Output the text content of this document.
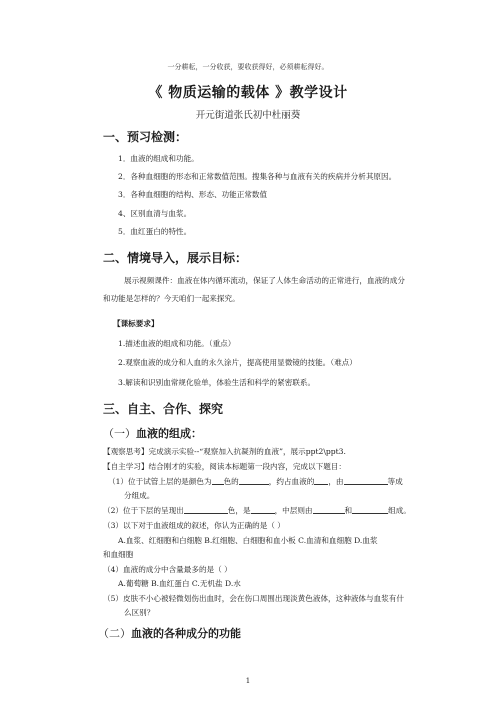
一分耕耘，一分收获，要收获得好，必须耕耘得好。
《 物质运输的载体 》教学设计
开元街道张氏初中杜丽葵
一、预习检测：
1．血液的组成和功能。
2．各种血细胞的形态和正常数值范围。搜集各种与血液有关的疾病并分析其原因。
3．各种血细胞的结构、形态、功能正常数值
4、区别血清与血浆。
5．血红蛋白的特性。
二、情境导入，展示目标：
展示视频课件：血液在体内循环流动，保证了人体生命活动的正常进行，血液的成分
和功能是怎样的？今天咱们一起来探究。
【课标要求】
1.描述血液的组成和功能。（重点）
2.观察血液的成分和人血的永久涂片，提高使用显微镜的技能。（难点）
3.解读和识别血常规化验单，体验生活和科学的紧密联系。
三、自主、合作、探究
（一）血液的组成：
【观察思考】完成演示实验--“观察加入抗凝剂的血液”，展示ppt2\ppt3.
【自主学习】结合刚才的实验，阅读本标题第一段内容，完成以下题目：
（1）位于试管上层的是颜色为 色的	，约占血液的 ，由	等成
分组成。
（2）位于下层的呈现出	色，是	，中层则由	和	组成。
（3）以下对于血液组成的叙述，你认为正确的是（ ）
A.血浆、红细胞和白细胞 B.红细胞、白细胞和血小板 C.血清和血细胞 D.血浆
和血细胞
（4）血液的成分中含量最多的是（ ）
A.葡萄糖 B.血红蛋白 C.无机盐 D.水
（5）皮肤不小心被轻微划伤出血时，会在伤口周围出现淡黄色液体，这种液体与血浆有什
么区别？
（二）血液的各种成分的功能
1
